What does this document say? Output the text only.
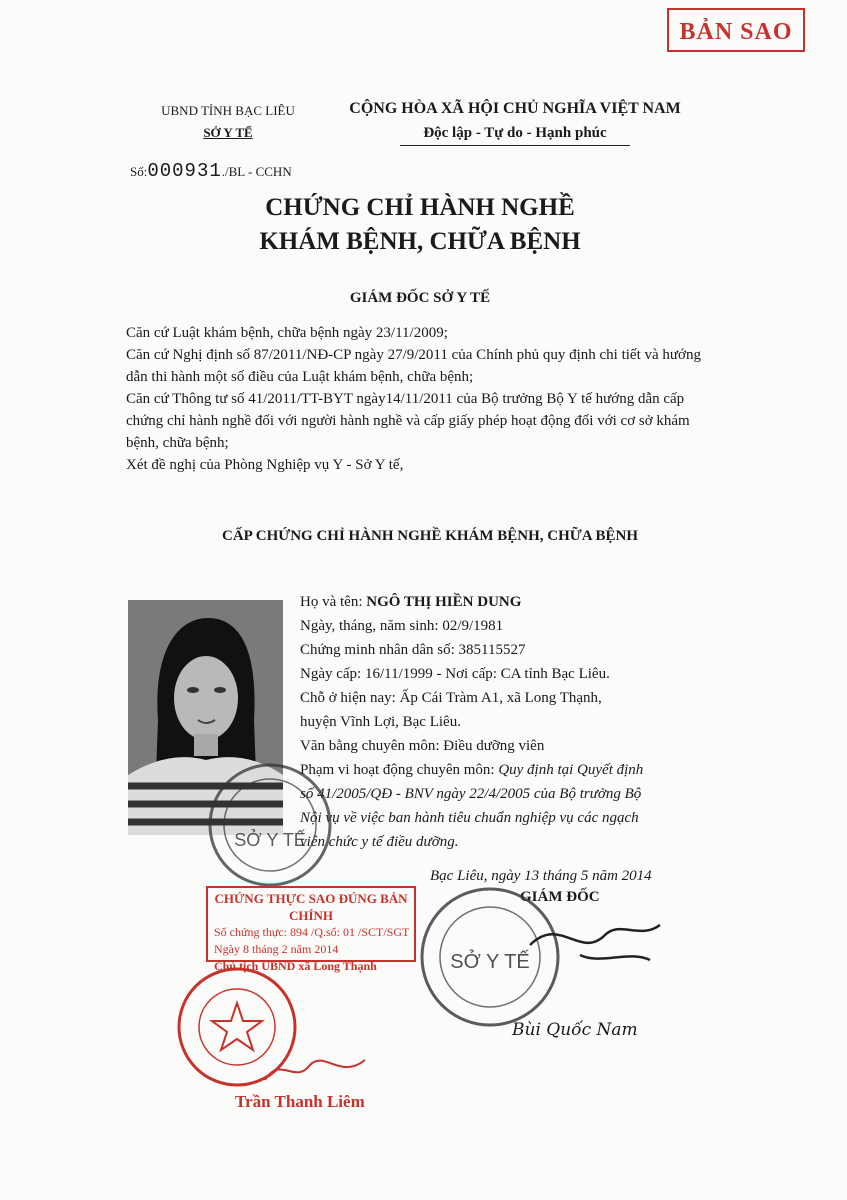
BẢN SAO
UBND TỈNH BẠC LIÊU
SỞ Y TẾ
CỘNG HÒA XÃ HỘI CHỦ NGHĨA VIỆT NAM
Độc lập - Tự do - Hạnh phúc
Số:000931./BL - CCHN
CHỨNG CHỈ HÀNH NGHỀ
KHÁM BỆNH, CHỮA BỆNH
GIÁM ĐỐC SỞ Y TẾ

Căn cứ Luật khám bệnh, chữa bệnh ngày 23/11/2009;

Căn cứ Nghị định số 87/2011/NĐ-CP ngày 27/9/2011 của Chính phủ quy định chi tiết và hướng dẫn thi hành một số điều của Luật khám bệnh, chữa bệnh;

Căn cứ Thông tư số 41/2011/TT-BYT ngày14/11/2011 của Bộ trưởng Bộ Y tế hướng dẫn cấp chứng chỉ hành nghề đối với người hành nghề và cấp giấy phép hoạt động đối với cơ sở khám bệnh, chữa bệnh;

Xét đề nghị của Phòng Nghiệp vụ Y - Sở Y tế,

CẤP CHỨNG CHỈ HÀNH NGHỀ KHÁM BỆNH, CHỮA BỆNH
Họ và tên: NGÔ THỊ HIỀN DUNG
Ngày, tháng, năm sinh: 02/9/1981
Chứng minh nhân dân số: 385115527
Ngày cấp: 16/11/1999 - Nơi cấp: CA tỉnh Bạc Liêu.
Chỗ ở hiện nay: Ấp Cái Tràm A1, xã Long Thạnh,
huyện Vĩnh Lợi, Bạc Liêu.
Văn bằng chuyên môn: Điều dưỡng viên
Phạm vi hoạt động chuyên môn: Quy định tại Quyết định
số 41/2005/QĐ - BNV ngày 22/4/2005 của Bộ trưởng Bộ
Nội vụ về việc ban hành tiêu chuẩn nghiệp vụ các ngạch
viên chức y tế điều dưỡng.
SỞ Y TẾ
Bạc Liêu, ngày 13 tháng 5 năm 2014
GIÁM ĐỐC
SỞ Y TẾ
Bùi Quốc Nam
CHỨNG THỰC SAO ĐÚNG BẢN CHÍNH
Số chứng thực: 894 /Q.số: 01 /SCT/SGT
Ngày 8 tháng 2 năm 2014
Chủ tịch UBND xã Long Thạnh
Trần Thanh Liêm
